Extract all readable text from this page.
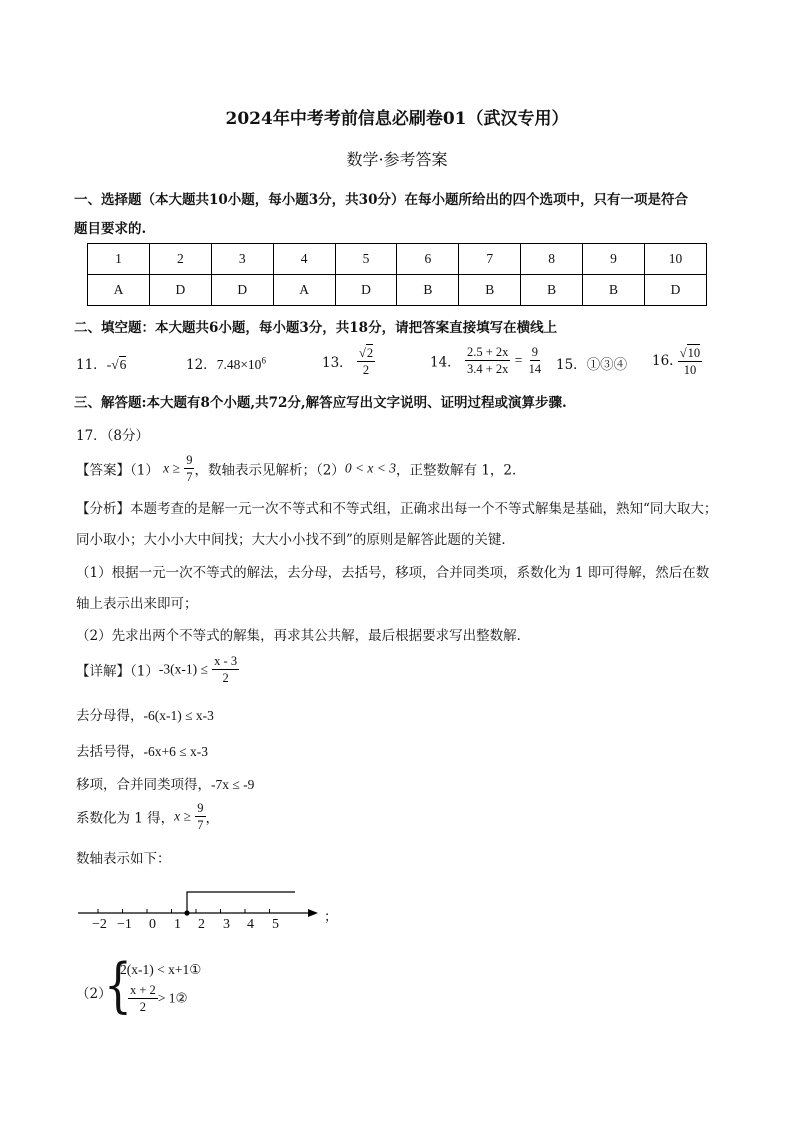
2024年中考考前信息必刷卷01（武汉专用）
数学·参考答案
一、选择题（本大题共10小题，每小题3分，共30分）在每小题所给出的四个选项中，只有一项是符合
题目要求的.
1	2	3	4	5	6	7	8	9	10
A	D	D	A	D	B	B	B	B	D
二、填空题：本大题共6小题，每小题3分，共18分，请把答案直接填写在横线上
11．-√6	12．$7.48\times 10^6$	13． $\frac{√2}{2}$	14． $\frac{2.5 + 2x}{3.4 + 2x} = \frac{9}{14} 15$．①③④ 16. $\frac{√10}{10}$
三、解答题:本大题有8个小题,共72分,解答应写出文字说明、证明过程或演算步骤.
17．（8分）
【答案】（1） $x \ge \frac{9}{7}$ ，数轴表示见解析；（2）0 < x < 3，正整数解有 1，2．
【分析】本题考查的是解一元一次不等式和不等式组，正确求出每一个不等式解集是基础，熟知“同大取大；
同小取小；大小小大中间找；大大小小找不到”的原则是解答此题的关键．
（1）根据一元一次不等式的解法，去分母，去括号，移项，合并同类项，系数化为 1 即可得解，然后在数
轴上表示出来即可；
（2）先求出两个不等式的解集，再求其公共解，最后根据要求写出整数解．
【详解】$(1)-3(x-1) \le \frac{x - 3}{2}$
去分母得，-6(x-1) ≤ x-3
去括号得，-6x+6 ≤ x-3
移项，合并同类项得，-7x ≤ -9
系数化为 1 得，$x \ge \frac{9}{7}$ ，
数轴表示如下：
−2 −1 0 1 2 3 4 5	；
（2）
{
2(x-1) < x+1①
$\frac{x + 2}{2}$ > 1②
